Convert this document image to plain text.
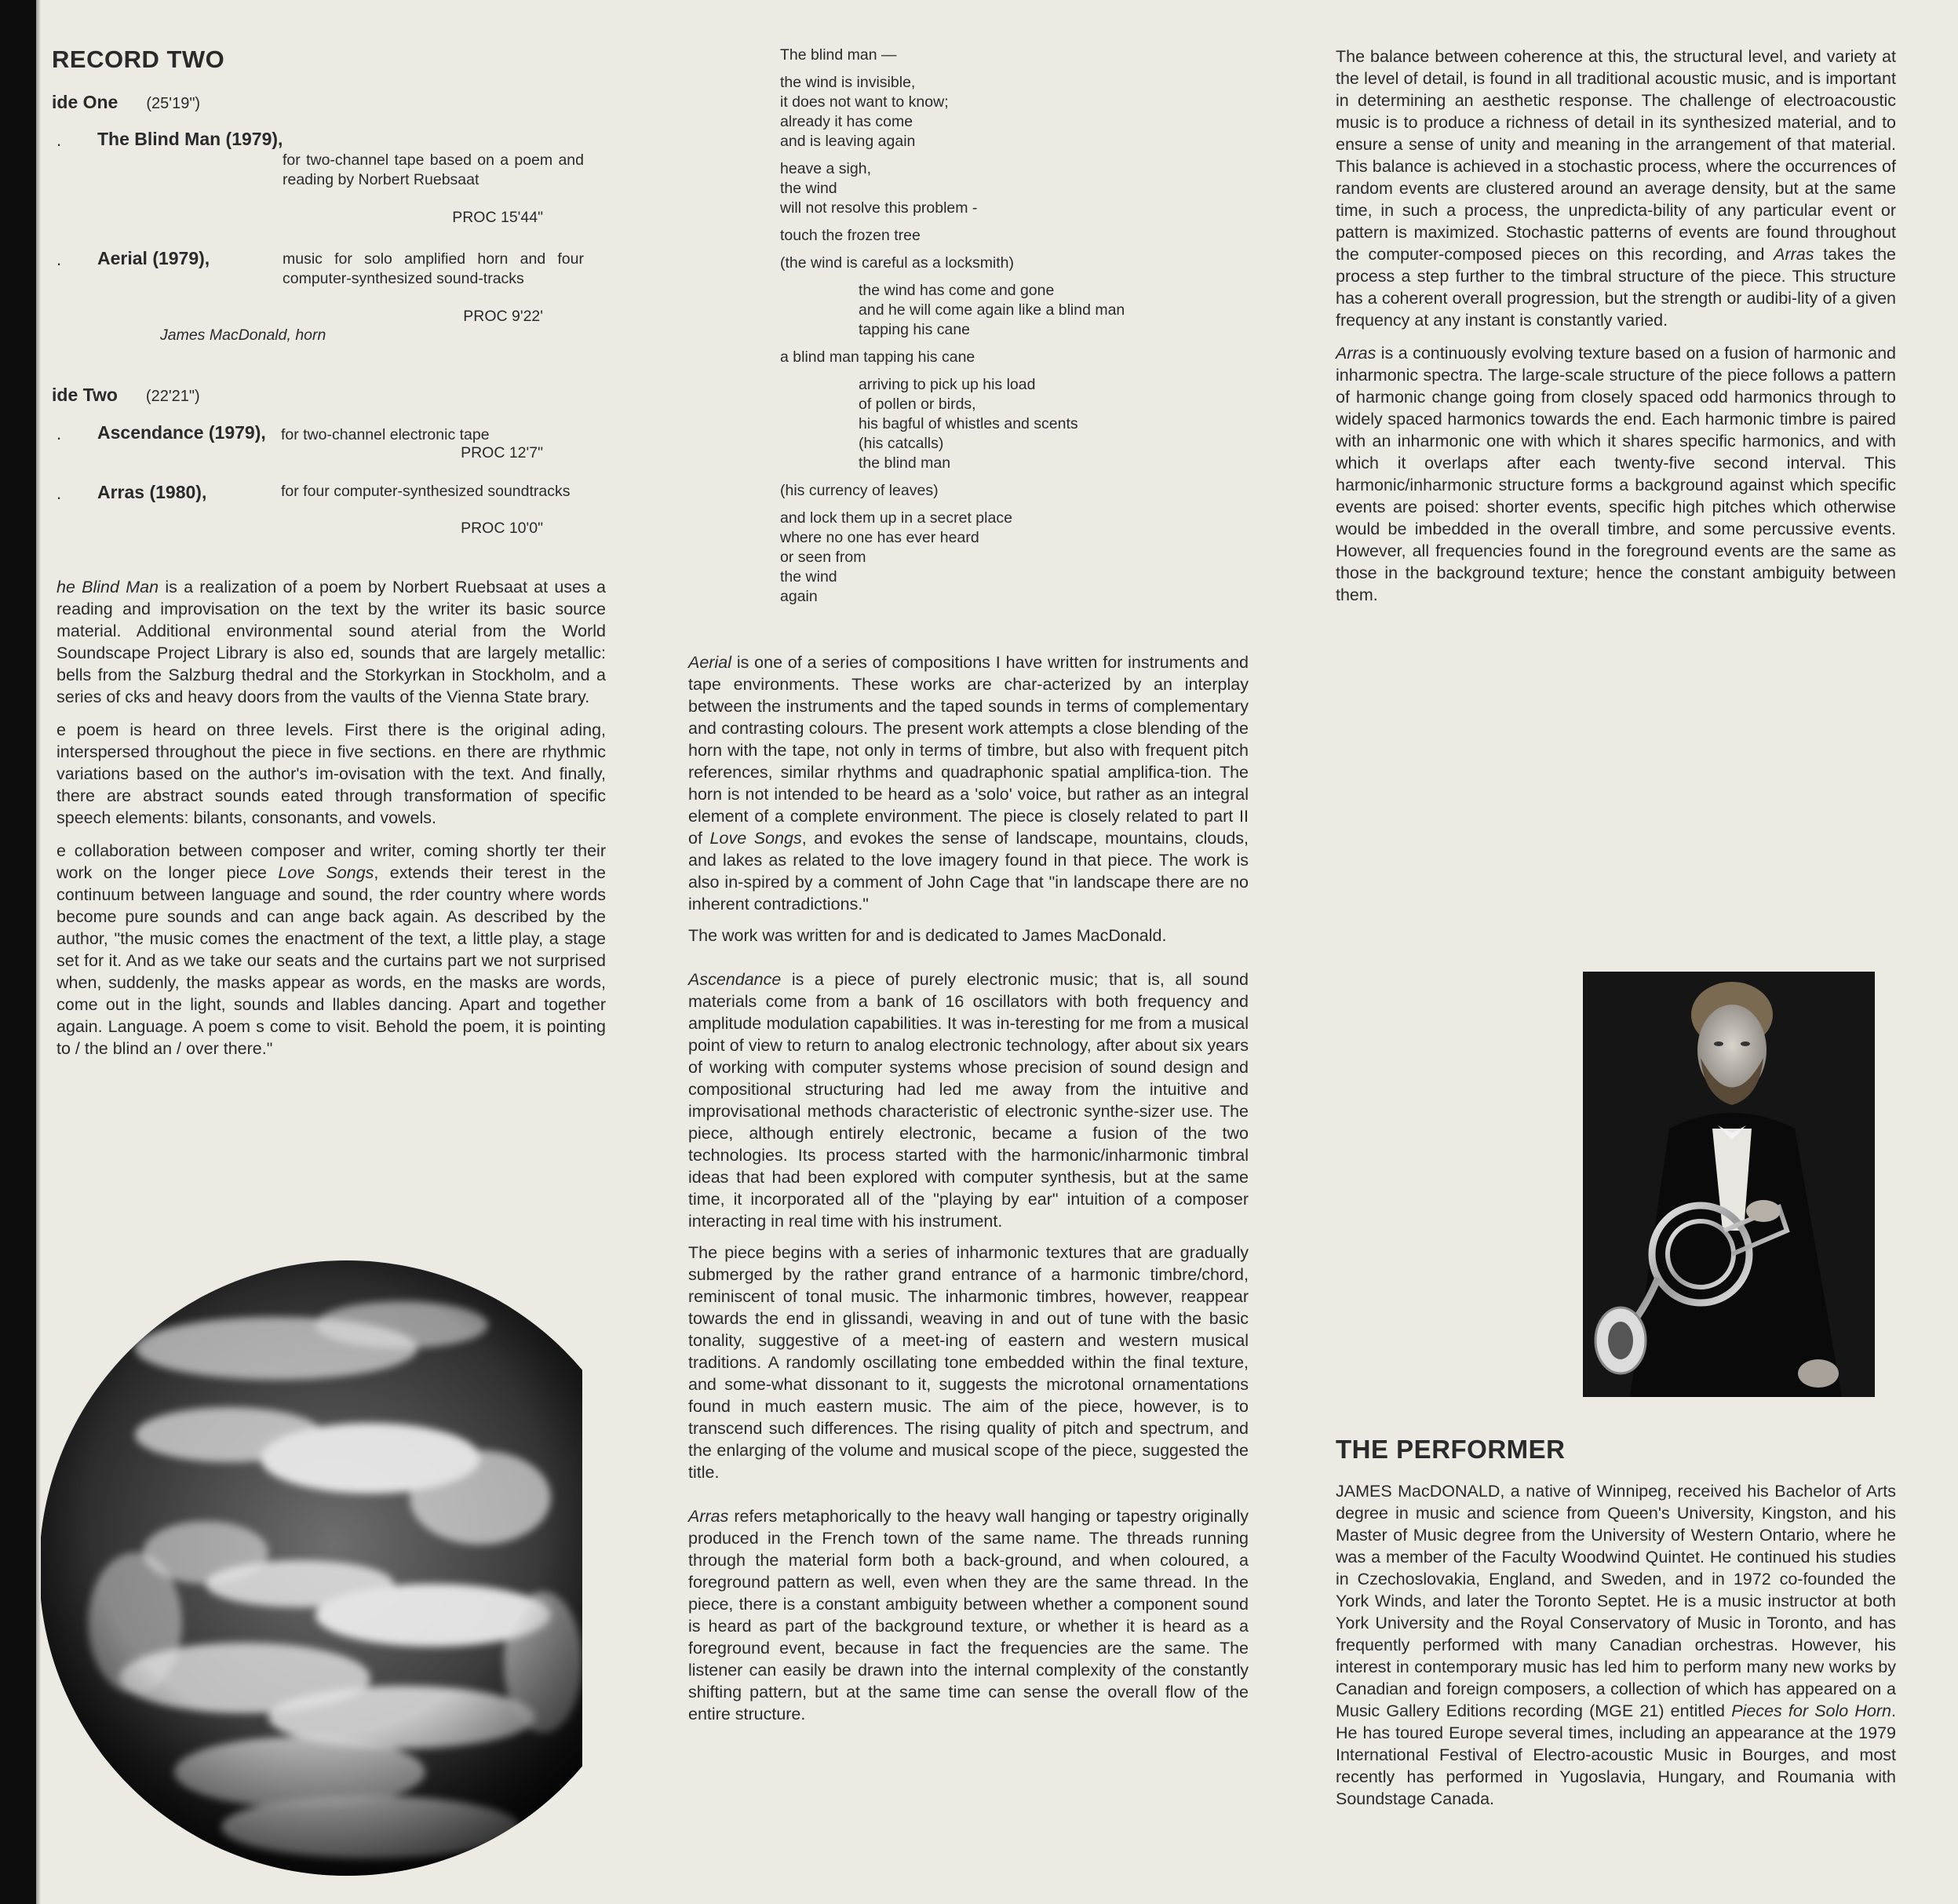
RECORD TWO
ide One (25'19")
. The Blind Man (1979),
for two-channel tape based on a poem and reading by Norbert Ruebsaat
PROC 15'44"
. Aerial (1979),	music for solo amplified horn and four computer-synthesized sound-tracks
PROC 9'22'
James MacDonald, horn
ide Two (22'21")
. Ascendance (1979), for two-channel electronic tape
PROC 12'7"
. Arras (1980),	for four computer-synthesized soundtracks
PROC 10'0"

he Blind Man is a realization of a poem by Norbert Ruebsaat at uses a reading and improvisation on the text by the writer its basic source material. Additional environmental sound aterial from the World Soundscape Project Library is also ed, sounds that are largely metallic: bells from the Salzburg thedral and the Storkyrkan in Stockholm, and a series of cks and heavy doors from the vaults of the Vienna State brary.

e poem is heard on three levels. First there is the original ading, interspersed throughout the piece in five sections. en there are rhythmic variations based on the author's im-ovisation with the text. And finally, there are abstract sounds eated through transformation of specific speech elements: bilants, consonants, and vowels.

e collaboration between composer and writer, coming shortly ter their work on the longer piece Love Songs, extends their terest in the continuum between language and sound, the rder country where words become pure sounds and can ange back again. As described by the author, "the music comes the enactment of the text, a little play, a stage set for it. And as we take our seats and the curtains part we not surprised when, suddenly, the masks appear as words, en the masks are words, come out in the light, sounds and llables dancing. Apart and together again. Language. A poem s come to visit. Behold the poem, it is pointing to / the blind an / over there."

The blind man —
the wind is invisible,
it does not want to know;
already it has come
and is leaving again
heave a sigh,
the wind
will not resolve this problem -
touch the frozen tree
(the wind is careful as a locksmith)
the wind has come and gone
and he will come again like a blind man
tapping his cane
a blind man tapping his cane
arriving to pick up his load
of pollen or birds,
his bagful of whistles and scents
(his catcalls)
the blind man
(his currency of leaves)
and lock them up in a secret place
where no one has ever heard
or seen from
the wind
again

Aerial is one of a series of compositions I have written for instruments and tape environments. These works are char-acterized by an interplay between the instruments and the taped sounds in terms of complementary and contrasting colours. The present work attempts a close blending of the horn with the tape, not only in terms of timbre, but also with frequent pitch references, similar rhythms and quadraphonic spatial amplifica-tion. The horn is not intended to be heard as a 'solo' voice, but rather as an integral element of a complete environment. The piece is closely related to part II of Love Songs, and evokes the sense of landscape, mountains, clouds, and lakes as related to the love imagery found in that piece. The work is also in-spired by a comment of John Cage that "in landscape there are no inherent contradictions."

The work was written for and is dedicated to James MacDonald.

Ascendance is a piece of purely electronic music; that is, all sound materials come from a bank of 16 oscillators with both frequency and amplitude modulation capabilities. It was in-teresting for me from a musical point of view to return to analog electronic technology, after about six years of working with computer systems whose precision of sound design and compositional structuring had led me away from the intuitive and improvisational methods characteristic of electronic synthe-sizer use. The piece, although entirely electronic, became a fusion of the two technologies. Its process started with the harmonic/inharmonic timbral ideas that had been explored with computer synthesis, but at the same time, it incorporated all of the "playing by ear" intuition of a composer interacting in real time with his instrument.

The piece begins with a series of inharmonic textures that are gradually submerged by the rather grand entrance of a harmonic timbre/chord, reminiscent of tonal music. The inharmonic timbres, however, reappear towards the end in glissandi, weaving in and out of tune with the basic tonality, suggestive of a meet-ing of eastern and western musical traditions. A randomly oscillating tone embedded within the final texture, and some-what dissonant to it, suggests the microtonal ornamentations found in much eastern music. The aim of the piece, however, is to transcend such differences. The rising quality of pitch and spectrum, and the enlarging of the volume and musical scope of the piece, suggested the title.

Arras refers metaphorically to the heavy wall hanging or tapestry originally produced in the French town of the same name. The threads running through the material form both a back-ground, and when coloured, a foreground pattern as well, even when they are the same thread. In the piece, there is a constant ambiguity between whether a component sound is heard as part of the background texture, or whether it is heard as a foreground event, because in fact the frequencies are the same. The listener can easily be drawn into the internal complexity of the constantly shifting pattern, but at the same time can sense the overall flow of the entire structure.

The balance between coherence at this, the structural level, and variety at the level of detail, is found in all traditional acoustic music, and is important in determining an aesthetic response. The challenge of electroacoustic music is to produce a richness of detail in its synthesized material, and to ensure a sense of unity and meaning in the arrangement of that material. This balance is achieved in a stochastic process, where the occurrences of random events are clustered around an average density, but at the same time, in such a process, the unpredicta-bility of any particular event or pattern is maximized. Stochastic patterns of events are found throughout the computer-composed pieces on this recording, and Arras takes the process a step further to the timbral structure of the piece. This structure has a coherent overall progression, but the strength or audibi-lity of a given frequency at any instant is constantly varied.

Arras is a continuously evolving texture based on a fusion of harmonic and inharmonic spectra. The large-scale structure of the piece follows a pattern of harmonic change going from closely spaced odd harmonics through to widely spaced harmonics towards the end. Each harmonic timbre is paired with an inharmonic one with which it shares specific harmonics, and with which it overlaps after each twenty-five second interval. This harmonic/inharmonic structure forms a background against which specific events are poised: shorter events, specific high pitches which otherwise would be imbedded in the overall timbre, and some percussive events. However, all frequencies found in the foreground events are the same as those in the background texture; hence the constant ambiguity between them.

THE PERFORMER

JAMES MacDONALD, a native of Winnipeg, received his Bachelor of Arts degree in music and science from Queen's University, Kingston, and his Master of Music degree from the University of Western Ontario, where he was a member of the Faculty Woodwind Quintet. He continued his studies in Czechoslovakia, England, and Sweden, and in 1972 co-founded the York Winds, and later the Toronto Septet. He is a music instructor at both York University and the Royal Conservatory of Music in Toronto, and has frequently performed with many Canadian orchestras. However, his interest in contemporary music has led him to perform many new works by Canadian and foreign composers, a collection of which has appeared on a Music Gallery Editions recording (MGE 21) entitled Pieces for Solo Horn. He has toured Europe several times, including an appearance at the 1979 International Festival of Electro-acoustic Music in Bourges, and most recently has performed in Yugoslavia, Hungary, and Roumania with Soundstage Canada.
